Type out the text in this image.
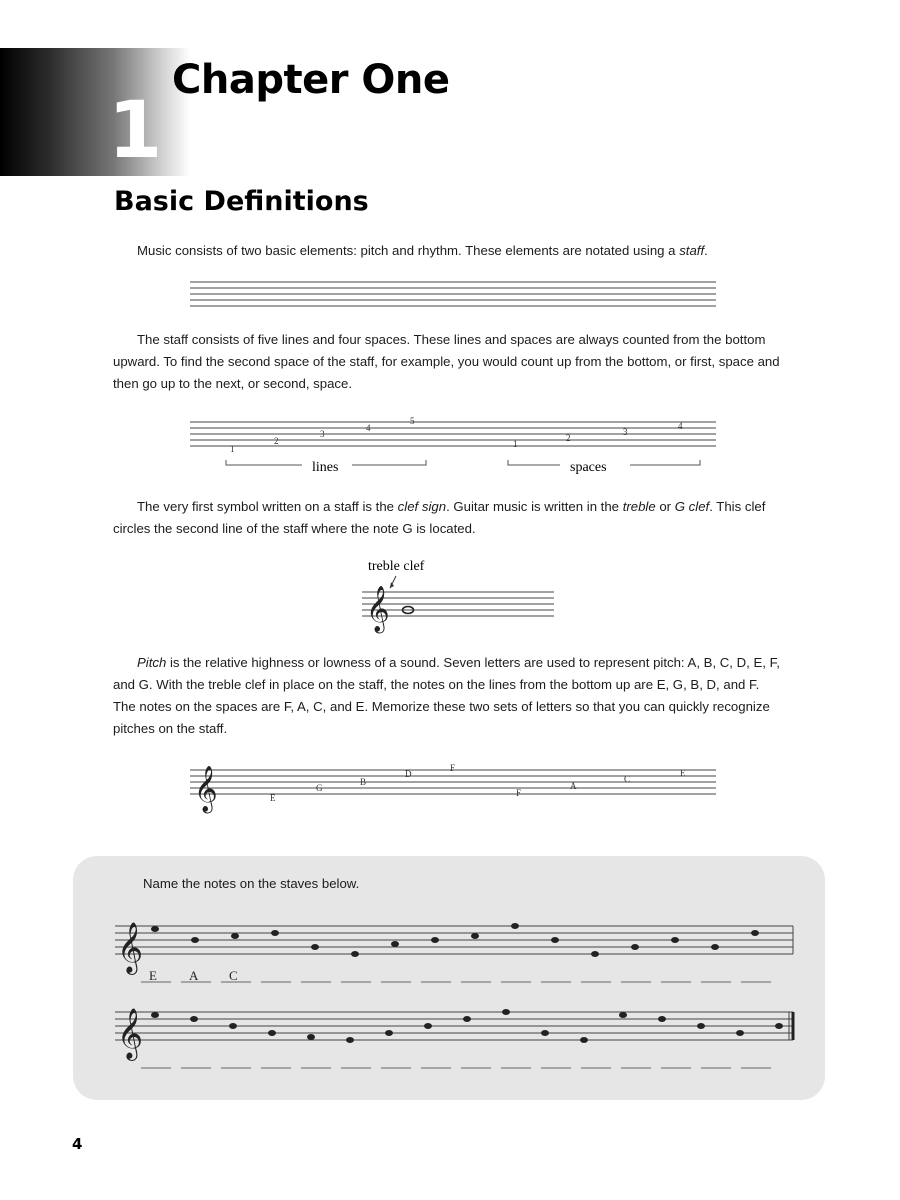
1
Chapter One
Basic Definitions
Music consists of two basic elements: pitch and rhythm. These elements are notated using a staff.
The staff consists of five lines and four spaces. These lines and spaces are always counted from the bottom upward. To find the second space of the staff, for example, you would count up from the bottom, or first, space and then go up to the next, or second, space.
1
2
3
4
5
1
2
3
4
lines	spaces
The very first symbol written on a staff is the clef sign. Guitar music is written in the treble or G clef. This clef circles the second line of the staff where the note G is located.
treble clef
𝄞
Pitch is the relative highness or lowness of a sound. Seven letters are used to represent pitch: A, B, C, D, E, F, and G. With the treble clef in place on the staff, the notes on the lines from the bottom up are E, G, B, D, and F. The notes on the spaces are F, A, C, and E. Memorize these two sets of letters so that you can quickly recognize pitches on the staff.
𝄞	E
G
B
D
F
F
A
C
E
Name the notes on the staves below.
𝄞
E A C
𝄞
4
